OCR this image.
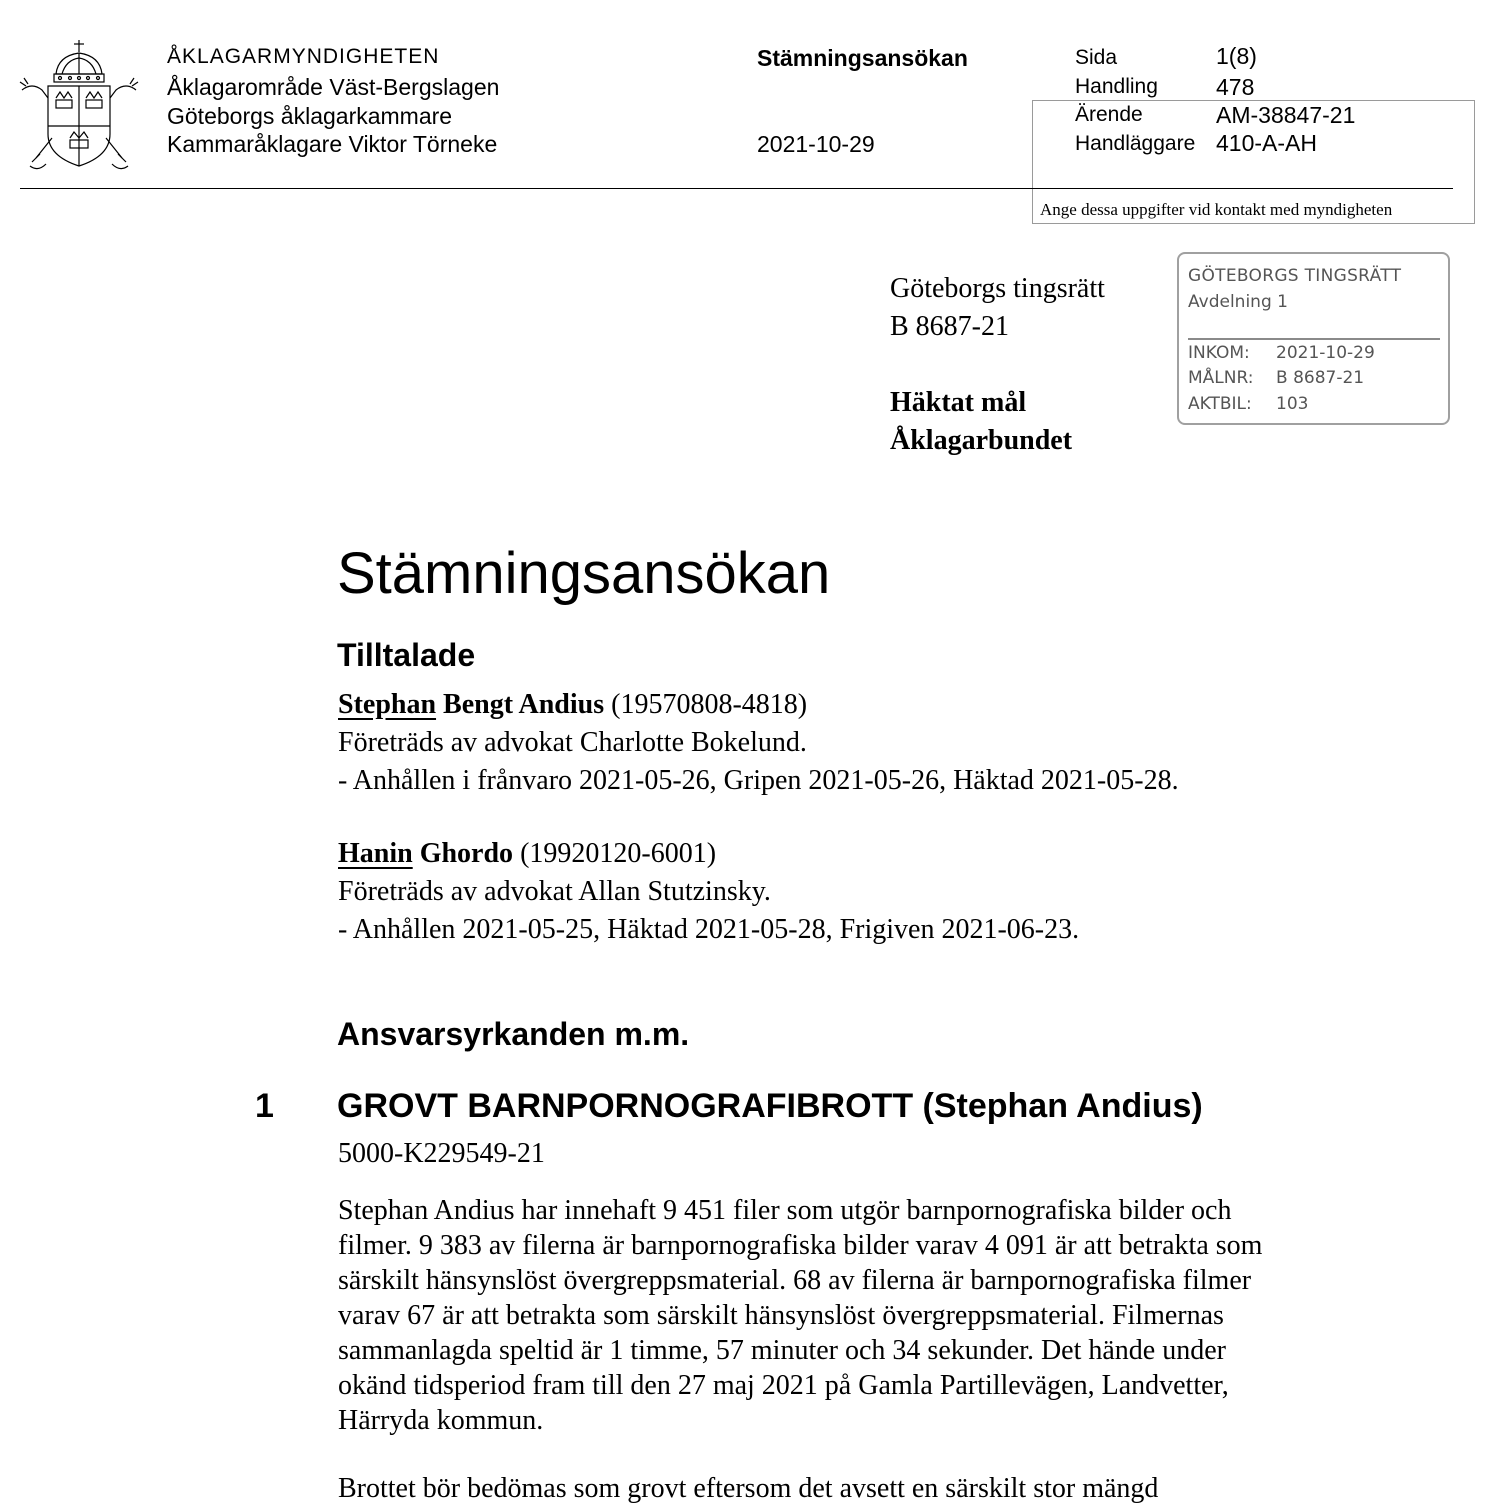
ÅKLAGARMYNDIGHETEN
Åklagarområde Väst-Bergslagen
Göteborgs åklagarkammare
Kammaråklagare Viktor Törneke
Stämningsansökan
2021-10-29
Sida	1(8)
Handling	478
Ärende	AM-38847-21
Handläggare 410-A-AH
Ange dessa uppgifter vid kontakt med myndigheten
Göteborgs tingsrätt
B 8687-21
Häktat mål
Åklagarbundet
GÖTEBORGS TINGSRÄTT
Avdelning 1
INKOM: 2021-10-29
MÅLNR: B 8687-21
AKTBIL: 103
Stämningsansökan
Tilltalade
Stephan Bengt Andius (19570808-4818)
Företräds av advokat Charlotte Bokelund.
- Anhållen i frånvaro 2021-05-26, Gripen 2021-05-26, Häktad 2021-05-28.
Hanin Ghordo (19920120-6001)
Företräds av advokat Allan Stutzinsky.
- Anhållen 2021-05-25, Häktad 2021-05-28, Frigiven 2021-06-23.
Ansvarsyrkanden m.m.
1 GROVT BARNPORNOGRAFIBROTT (Stephan Andius)
5000-K229549-21
Stephan Andius har innehaft 9 451 filer som utgör barnpornografiska bilder och filmer. 9 383 av filerna är barnpornografiska bilder varav 4 091 är att betrakta som särskilt hänsynslöst övergreppsmaterial. 68 av filerna är barnpornografiska filmer varav 67 är att betrakta som särskilt hänsynslöst övergreppsmaterial. Filmernas sammanlagda speltid är 1 timme, 57 minuter och 34 sekunder. Det hände under okänd tidsperiod fram till den 27 maj 2021 på Gamla Partillevägen, Landvetter, Härryda kommun.
Brottet bör bedömas som grovt eftersom det avsett en särskilt stor mängd
